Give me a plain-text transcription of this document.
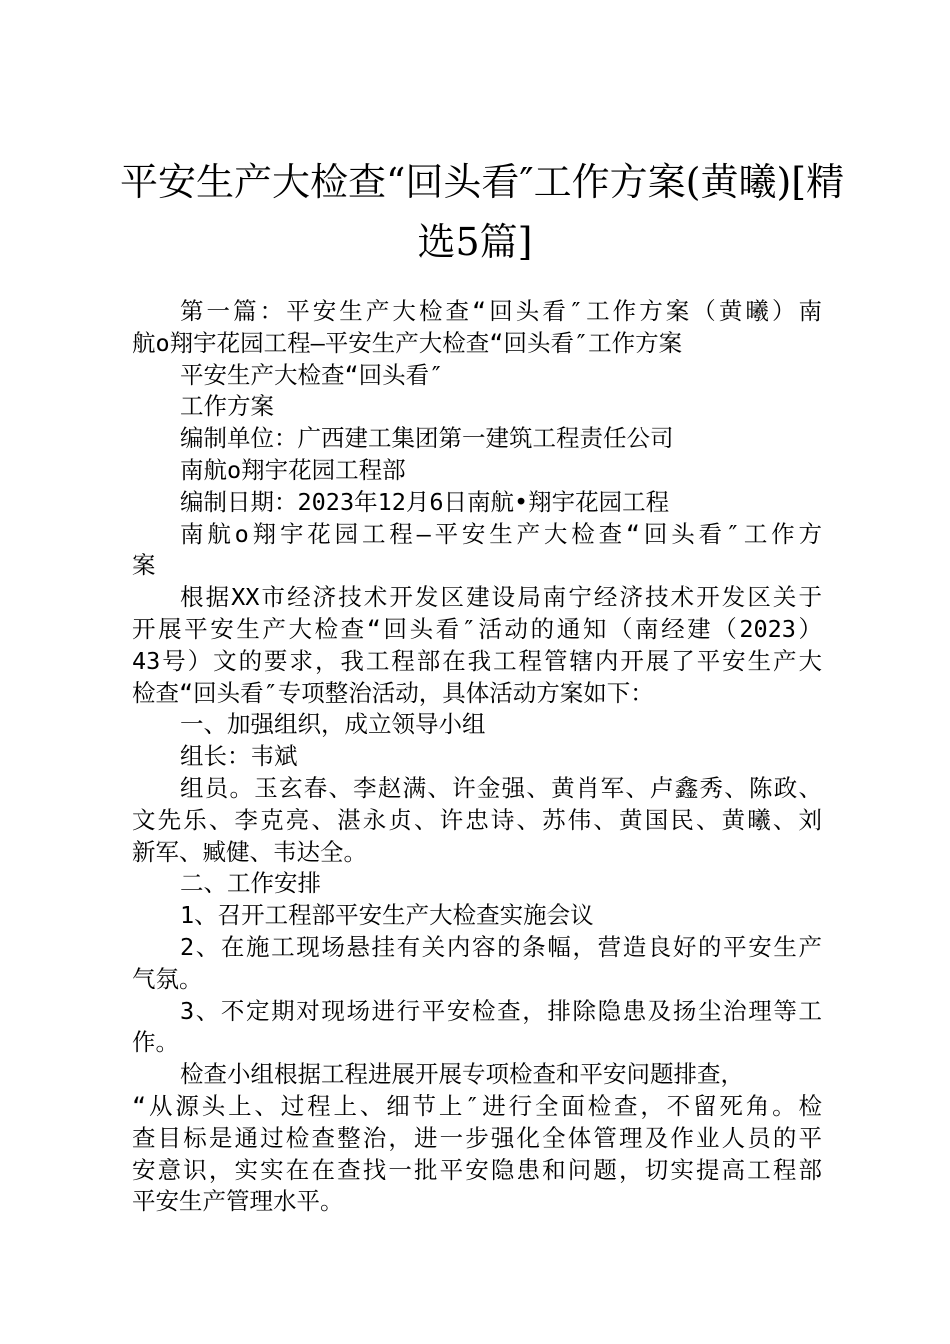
平安生产大检查“回头看″工作方案(黄曦)[精
选5篇]
第一篇：平安生产大检查“回头看″工作方案（黄曦）南
航o翔宇花园工程—平安生产大检查“回头看″工作方案
平安生产大检查“回头看″
工作方案
编制单位：广西建工集团第一建筑工程责任公司
南航o翔宇花园工程部
编制日期：2023年12月6日南航•翔宇花园工程
南航o翔宇花园工程—平安生产大检查“回头看″工作方
案
根据XX市经济技术开发区建设局南宁经济技术开发区关于
开展平安生产大检查“回头看″活动的通知（南经建（2023）
43号）文的要求，我工程部在我工程管辖内开展了平安生产大
检查“回头看″专项整治活动，具体活动方案如下：
一、加强组织，成立领导小组
组长：韦斌
组员。玉玄春、李赵满、许金强、黄肖军、卢鑫秀、陈政、
文先乐、李克亮、湛永贞、许忠诗、苏伟、黄国民、黄曦、刘
新军、臧健、韦达全。
二、工作安排
1、召开工程部平安生产大检查实施会议
2、在施工现场悬挂有关内容的条幅，营造良好的平安生产
气氛。
3、不定期对现场进行平安检查，排除隐患及扬尘治理等工
作。
检查小组根据工程进展开展专项检查和平安问题排查，
“从源头上、过程上、细节上″进行全面检查，不留死角。检
查目标是通过检查整治，进一步强化全体管理及作业人员的平
安意识，实实在在查找一批平安隐患和问题，切实提高工程部
平安生产管理水平。
